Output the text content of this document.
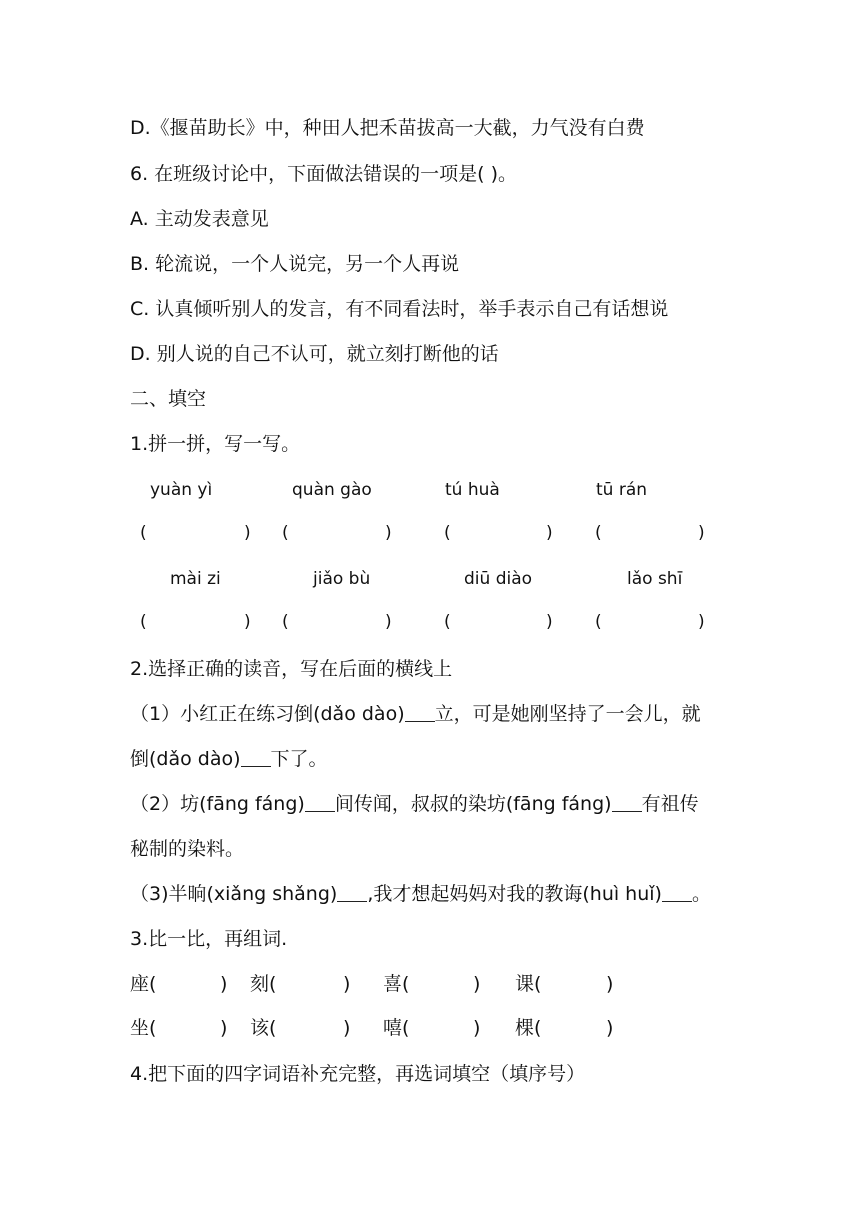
D.《揠苗助长》中，种田人把禾苗拔高一大截，力气没有白费
6. 在班级讨论中，下面做法错误的一项是( )。
A. 主动发表意见
B. 轮流说，一个人说完，另一个人再说
C. 认真倾听别人的发言，有不同看法时，举手表示自己有话想说
D. 别人说的自己不认可，就立刻打断他的话
二、填空
1.拼一拼，写一写。
yuàn yì	quàn gào	tú huà	tū rán
(	) (	)	(	) (	)
mài zi	jiǎo bù	diū diào	lǎo shī
(	) (	)	(	) (	)
2.选择正确的读音，写在后面的横线上
（1）小红正在练习倒(dǎo dào) 立，可是她刚坚持了一会儿，就
倒(dǎo dào) 下了。
（2）坊(fāng fáng) 间传闻，叔叔的染坊(fāng fáng) 有祖传
秘制的染料。
（3)半晌(xiǎng shǎng) ,我才想起妈妈对我的教诲(huì huǐ) 。
3.比一比，再组词.
座(	) 刻(	) 喜(	) 课(	)
坐(	) 该(	) 嘻(	) 棵(	)
4.把下面的四字词语补充完整，再选词填空（填序号）
